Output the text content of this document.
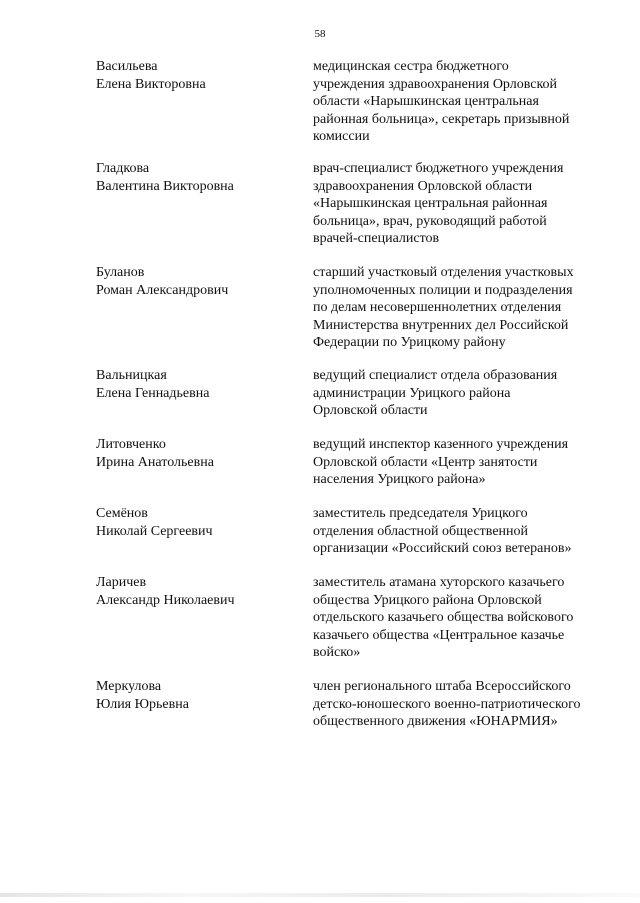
58
Васильева
Елена Викторовна
медицинская сестра бюджетного
учреждения здравоохранения Орловской
области «Нарышкинская центральная
районная больница», секретарь призывной
комиссии
Гладкова
Валентина Викторовна
врач-специалист бюджетного учреждения
здравоохранения Орловской области
«Нарышкинская центральная районная
больница», врач, руководящий работой
врачей-специалистов
Буланов
Роман Александрович
старший участковый отделения участковых
уполномоченных полиции и подразделения
по делам несовершеннолетних отделения
Министерства внутренних дел Российской
Федерации по Урицкому району
Вальницкая
Елена Геннадьевна
ведущий специалист отдела образования
администрации Урицкого района
Орловской области
Литовченко
Ирина Анатольевна
ведущий инспектор казенного учреждения
Орловской области «Центр занятости
населения Урицкого района»
Семёнов
Николай Сергеевич
заместитель председателя Урицкого
отделения областной общественной
организации «Российский союз ветеранов»
Ларичев
Александр Николаевич
заместитель атамана хуторского казачьего
общества Урицкого района Орловской
отдельского казачьего общества войскового
казачьего общества «Центральное казачье
войско»
Меркулова
Юлия Юрьевна
член регионального штаба Всероссийского
детско-юношеского военно-патриотического
общественного движения «ЮНАРМИЯ»
